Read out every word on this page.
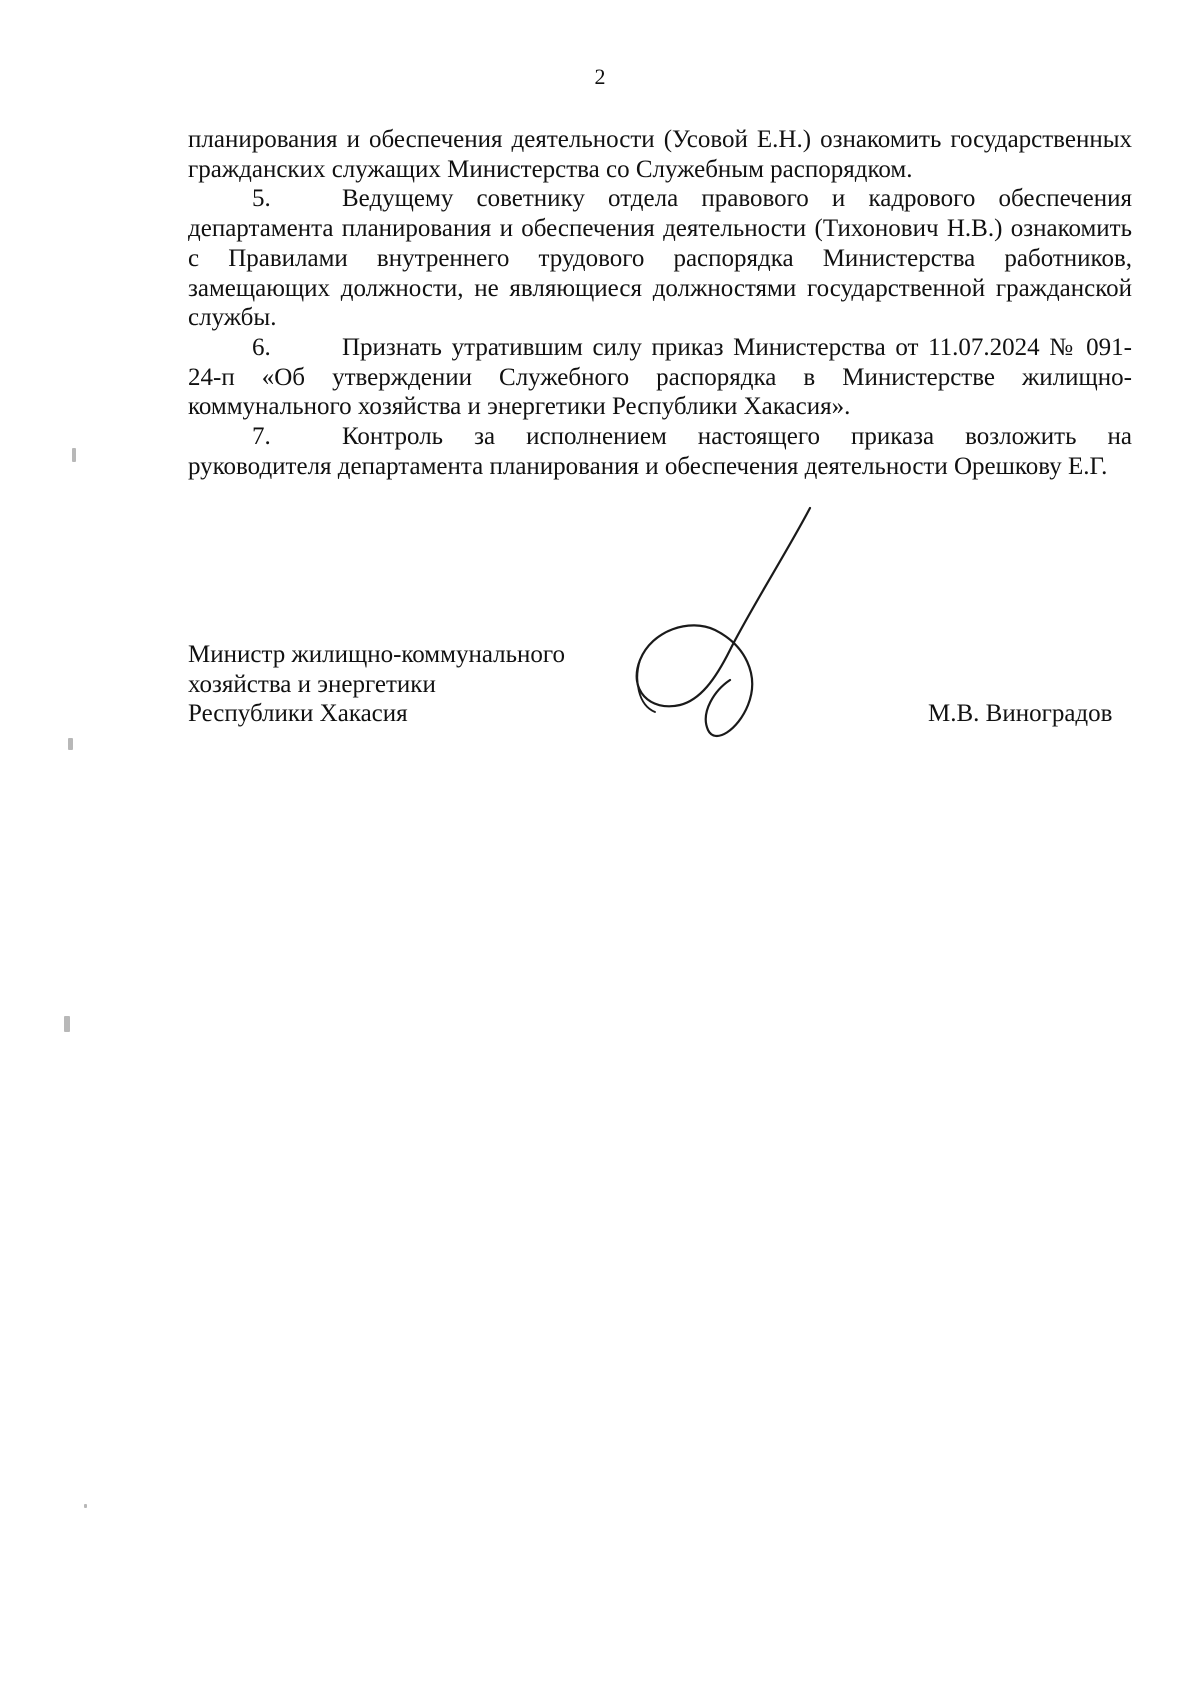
2

планирования и обеспечения деятельности (Усовой Е.Н.) ознакомить государственных гражданских служащих Министерства со Служебным распорядком.

5.	Ведущему советнику отдела правового и кадрового обеспечения департамента планирования и обеспечения деятельности (Тихонович Н.В.) ознакомить с Правилами внутреннего трудового распорядка Министерства работников, замещающих должности, не являющиеся должностями государственной гражданской службы.

6.	Признать утратившим силу приказ Министерства от 11.07.2024 № 091-24-п «Об утверждении Служебного распорядка в Министерстве жилищно-коммунального хозяйства и энергетики Республики Хакасия».

7.	Контроль за исполнением настоящего приказа возложить на руководителя департамента планирования и обеспечения деятельности Орешкову Е.Г.

Министр жилищно-коммунального
хозяйства и энергетики
Республики Хакасия	М.В. Виноградов
